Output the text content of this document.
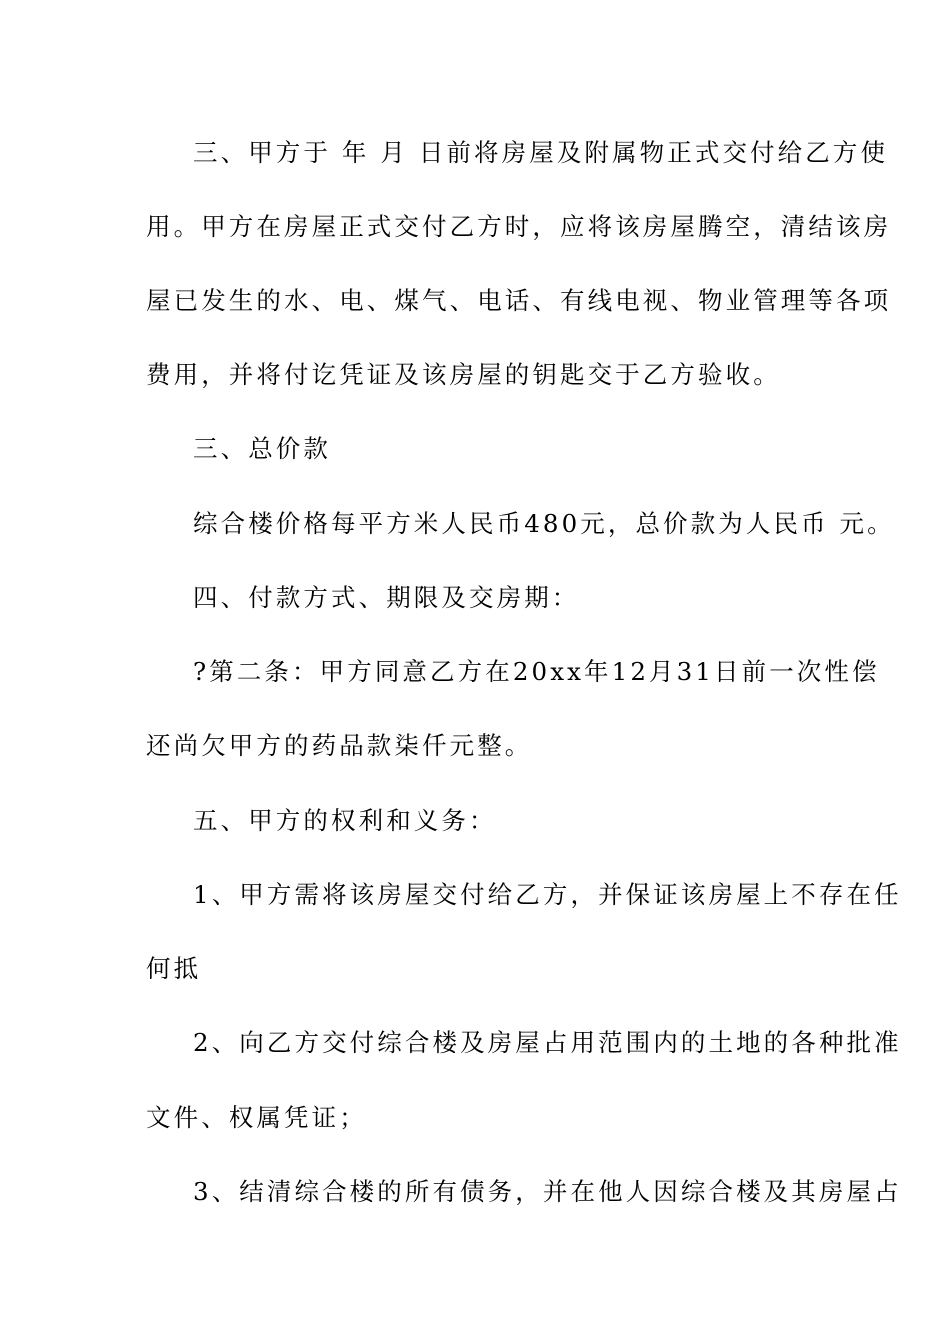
三、甲方于 年 月 日前将房屋及附属物正式交付给乙方使
用。甲方在房屋正式交付乙方时，应将该房屋腾空，清结该房
屋已发生的水、电、煤气、电话、有线电视、物业管理等各项
费用，并将付讫凭证及该房屋的钥匙交于乙方验收。
三、总价款
综合楼价格每平方米人民币480元，总价款为人民币 元。
四、付款方式、期限及交房期：
?第二条：甲方同意乙方在20xx年12月31日前一次性偿
还尚欠甲方的药品款柒仟元整。
五、甲方的权利和义务：
1、甲方需将该房屋交付给乙方，并保证该房屋上不存在任
何抵
2、向乙方交付综合楼及房屋占用范围内的土地的各种批准
文件、权属凭证；
3、结清综合楼的所有债务，并在他人因综合楼及其房屋占
